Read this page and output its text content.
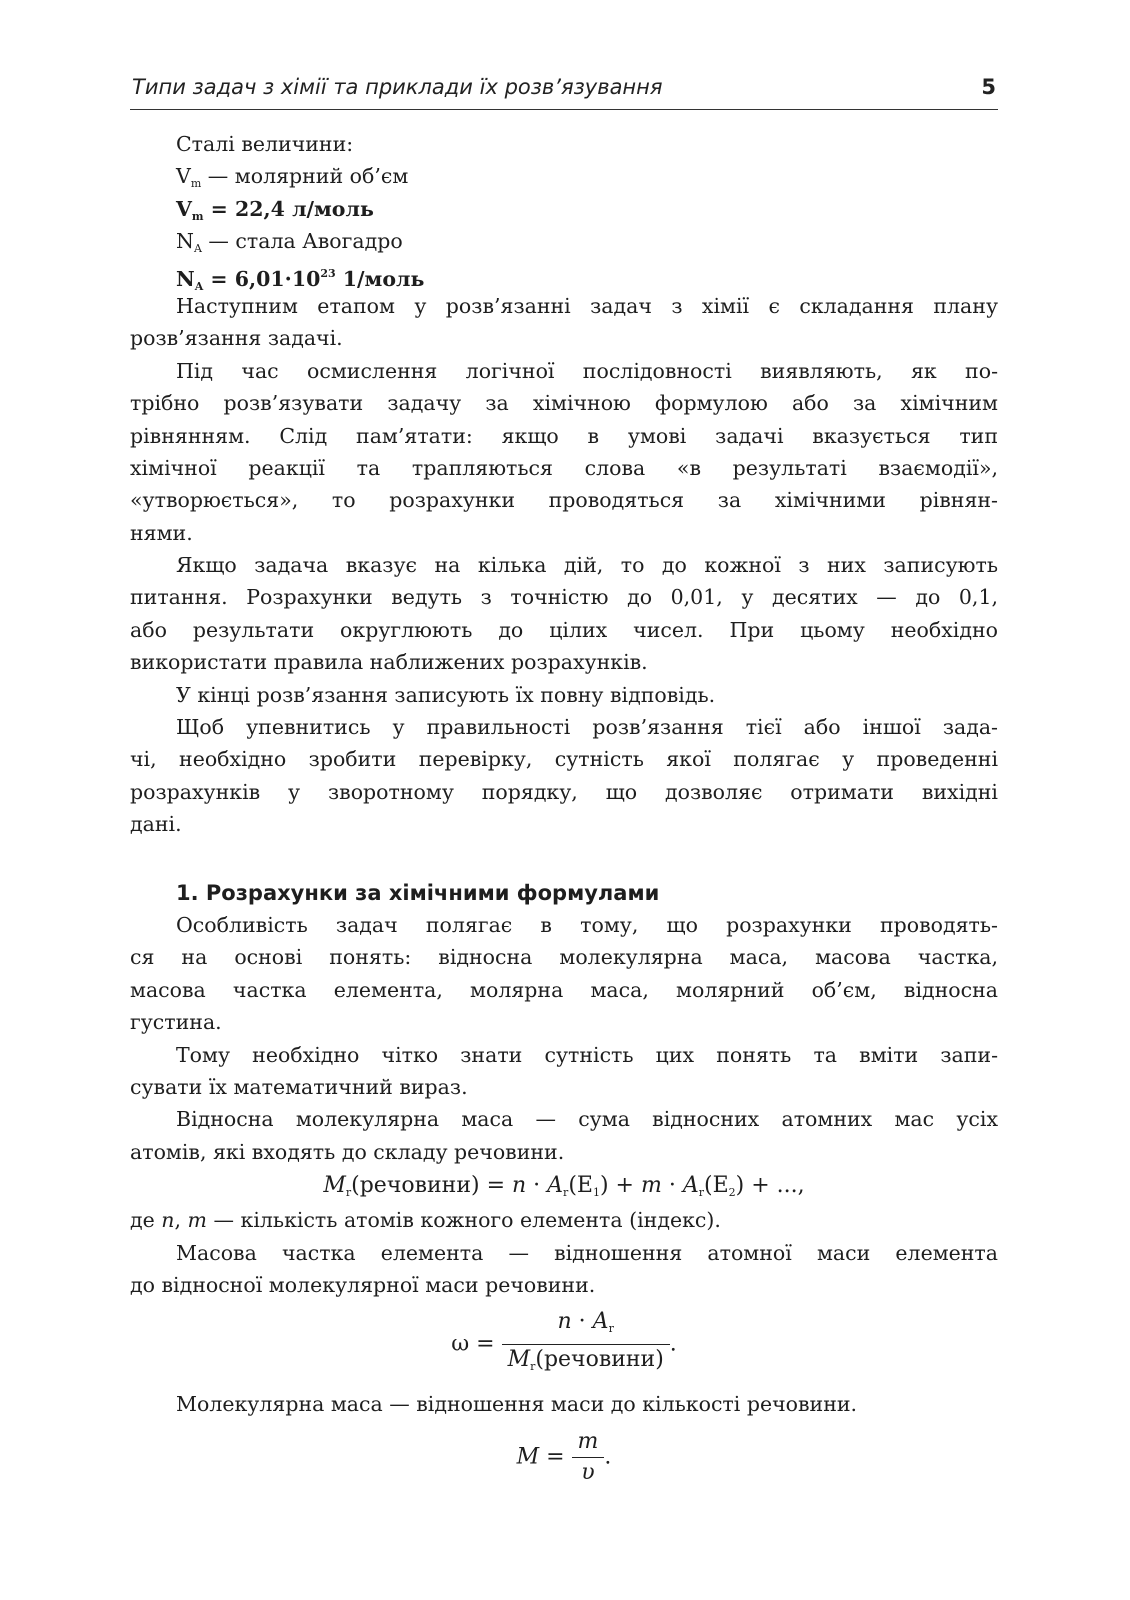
Типи задач з хімії та приклади їх розв’язування	5
Сталі величини:
$V_m$ — молярний об’єм
$V_m = 22,4$ л/моль
$N_A$ — стала Авогадро
$N_A = 6,01\cdot 10^{23}$ 1/моль
Наступним етапом у розв’язанні задач з хімії є складання плану
розв’язання задачі.
Під час осмислення логічної послідовності виявляють, як по-
трібно розв’язувати задачу за хімічною формулою або за хімічним
рівнянням. Слід пам’ятати: якщо в умові задачі вказується тип
хімічної реакції та трапляються слова «в результаті взаємодії»,
«утворюється», то розрахунки проводяться за хімічними рівнян-
нями.
Якщо задача вказує на кілька дій, то до кожної з них записують
питання. Розрахунки ведуть з точністю до 0,01, у десятих — до 0,1,
або результати округлюють до цілих чисел. При цьому необхідно
використати правила наближених розрахунків.
У кінці розв’язання записують їх повну відповідь.
Щоб упевнитись у правильності розв’язання тієї або іншої зада-
чі, необхідно зробити перевірку, сутність якої полягає у проведенні
розрахунків у зворотному порядку, що дозволяє отримати вихідні
дані.
1. Розрахунки за хімічними формулами
Особливість задач полягає в тому, що розрахунки проводять-
ся на основі понять: відносна молекулярна маса, масова частка,
масова частка елемента, молярна маса, молярний об’єм, відносна
густина.
Тому необхідно чітко знати сутність цих понять та вміти запи-
сувати їх математичний вираз.
Відносна молекулярна маса — сума відносних атомних мас усіх
атомів, які входять до складу речовини.
$M_r(речовини) = n \cdot A_r(E_1) + m \cdot A_r(E_2)$ + ...,
де n, m — кількість атомів кожного елемента (індекс).
Масова частка елемента — відношення атомної маси елемента
до відносної молекулярної маси речовини.
$\omega = \frac{n \cdot A_r}{M_r(речовини)}$ .
Молекулярна маса — відношення маси до кількості речовини.
$M = \frac{m}{\upsilon}$ .
